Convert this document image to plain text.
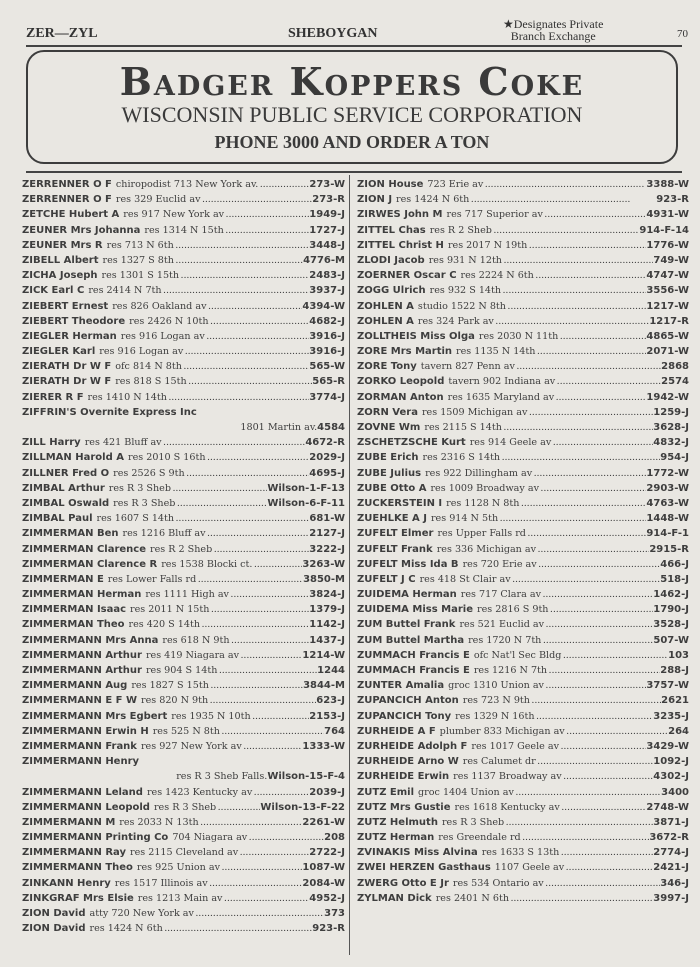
ZER—ZYL	SHEBOYGAN
★Designates Private
Branch Exchange	70
Badger Koppers Coke
WISCONSIN PUBLIC SERVICE CORPORATION
PHONE 3000 AND ORDER A TON
ZERRENNER O F chiropodist 713 New York av. . . .	273-W
ZERRENNER O F res 329 Euclid av . . .	273-R
ZETCHE Hubert A res 917 New York av . . .	1949-J
ZEUNER Mrs Johanna res 1314 N 15th . . .	1727-J
ZEUNER Mrs R res 713 N 6th . . .	3448-J
ZIBELL Albert res 1327 S 8th . . .	4776-M
ZICHA Joseph res 1301 S 15th . . .	2483-J
ZICK Earl C res 2414 N 7th . . .	3937-J
ZIEBERT Ernest res 826 Oakland av . . .	4394-W
ZIEBERT Theodore res 2426 N 10th . . .	4682-J
ZIEGLER Herman res 916 Logan av . . .	3916-J
ZIEGLER Karl res 916 Logan av . . .	3916-J
ZIERATH Dr W F ofc 814 N 8th . . .	565-W
ZIERATH Dr W F res 818 S 15th . . .	565-R
ZIERER R F res 1410 N 14th . . .	3774-J
ZIFFRIN'S Overnite Express Inc
1801 Martin av. 4584
ZILL Harry res 421 Bluff av . . .	4672-R
ZILLMAN Harold A res 2010 S 16th . . .	2029-J
ZILLNER Fred O res 2526 S 9th . . .	4695-J
ZIMBAL Arthur res R 3 Sheb . . .	Wilson-1-F-13
ZIMBAL Oswald res R 3 Sheb . . .	Wilson-6-F-11
ZIMBAL Paul res 1607 S 14th . . .	681-W
ZIMMERMAN Ben res 1216 Bluff av . . .	2127-J
ZIMMERMAN Clarence res R 2 Sheb . . .	3222-J
ZIMMERMAN Clarence R res 1538 Blocki ct. . . .	3263-W
ZIMMERMAN E res Lower Falls rd . . .	3850-M
ZIMMERMAN Herman res 1111 High av . . .	3824-J
ZIMMERMAN Isaac res 2011 N 15th . . .	1379-J
ZIMMERMAN Theo res 420 S 14th . . .	1142-J
ZIMMERMANN Mrs Anna res 618 N 9th . . .	1437-J
ZIMMERMANN Arthur res 419 Niagara av . . .	1214-W
ZIMMERMANN Arthur res 904 S 14th . . .	1244
ZIMMERMANN Aug res 1827 S 15th . . .	3844-M
ZIMMERMANN E F W res 820 N 9th . . .	623-J
ZIMMERMANN Mrs Egbert res 1935 N 10th . . .	2153-J
ZIMMERMANN Erwin H res 525 N 8th . . .	764
ZIMMERMANN Frank res 927 New York av . . .	1333-W
ZIMMERMANN Henry
res R 3 Sheb Falls. Wilson-15-F-4
ZIMMERMANN Leland res 1423 Kentucky av . . .	2039-J
ZIMMERMANN Leopold res R 3 Sheb . . .	Wilson-13-F-22
ZIMMERMANN M res 2033 N 13th . . .	2261-W
ZIMMERMANN Printing Co 704 Niagara av . . .	208
ZIMMERMANN Ray res 2115 Cleveland av . . .	2722-J
ZIMMERMANN Theo res 925 Union av . . .	1087-W
ZINKANN Henry res 1517 Illinois av . . .	2084-W
ZINKGRAF Mrs Elsie res 1213 Main av . . .	4952-J
ZION David atty 720 New York av . . .	373
ZION David res 1424 N 6th . . .	923-R
ZION House 723 Erie av . . .	3388-W
ZION J res 1424 N 6th . . .	923-R
ZIRWES John M res 717 Superior av . . .	4931-W
ZITTEL Chas res R 2 Sheb . . .	914-F-14
ZITTEL Christ H res 2017 N 19th . . .	1776-W
ZLODI Jacob res 931 N 12th . . .	749-W
ZOERNER Oscar C res 2224 N 6th . . .	4747-W
ZOGG Ulrich res 932 S 14th . . .	3556-W
ZOHLEN A studio 1522 N 8th . . .	1217-W
ZOHLEN A res 324 Park av . . .	1217-R
ZOLLTHEIS Miss Olga res 2030 N 11th . . .	4865-W
ZORE Mrs Martin res 1135 N 14th . . .	2071-W
ZORE Tony tavern 827 Penn av . . .	2868
ZORKO Leopold tavern 902 Indiana av . . .	2574
ZORMAN Anton res 1635 Maryland av . . .	1942-W
ZORN Vera res 1509 Michigan av . . .	1259-J
ZOVNE Wm res 2115 S 14th . . .	3628-J
ZSCHETZSCHE Kurt res 914 Geele av . . .	4832-J
ZUBE Erich res 2316 S 14th . . .	954-J
ZUBE Julius res 922 Dillingham av . . .	1772-W
ZUBE Otto A res 1009 Broadway av . . .	2903-W
ZUCKERSTEIN I res 1128 N 8th . . .	4763-W
ZUEHLKE A J res 914 N 5th . . .	1448-W
ZUFELT Elmer res Upper Falls rd . . .	914-F-1
ZUFELT Frank res 336 Michigan av . . .	2915-R
ZUFELT Miss Ida B res 720 Erie av . . .	466-J
ZUFELT J C res 418 St Clair av . . .	518-J
ZUIDEMA Herman res 717 Clara av . . .	1462-J
ZUIDEMA Miss Marie res 2816 S 9th . . .	1790-J
ZUM Buttel Frank res 521 Euclid av . . .	3528-J
ZUM Buttel Martha res 1720 N 7th . . .	507-W
ZUMMACH Francis E ofc Nat'l Sec Bldg . . .	103
ZUMMACH Francis E res 1216 N 7th . . .	288-J
ZUNTER Amalia groc 1310 Union av . . .	3757-W
ZUPANCICH Anton res 723 N 9th . . .	2621
ZUPANCICH Tony res 1329 N 16th . . .	3235-J
ZURHEIDE A F plumber 833 Michigan av . . .	264
ZURHEIDE Adolph F res 1017 Geele av . . .	3429-W
ZURHEIDE Arno W res Calumet dr . . .	1092-J
ZURHEIDE Erwin res 1137 Broadway av . . .	4302-J
ZUTZ Emil groc 1404 Union av . . .	3400
ZUTZ Mrs Gustie res 1618 Kentucky av . . .	2748-W
ZUTZ Helmuth res R 3 Sheb . . .	3871-J
ZUTZ Herman res Greendale rd . . .	3672-R
ZVINAKIS Miss Alvina res 1633 S 13th . . .	2774-J
ZWEI HERZEN Gasthaus 1107 Geele av . . .	2421-J
ZWERG Otto E Jr res 534 Ontario av . . .	346-J
ZYLMAN Dick res 2401 N 6th . . .	3997-J
